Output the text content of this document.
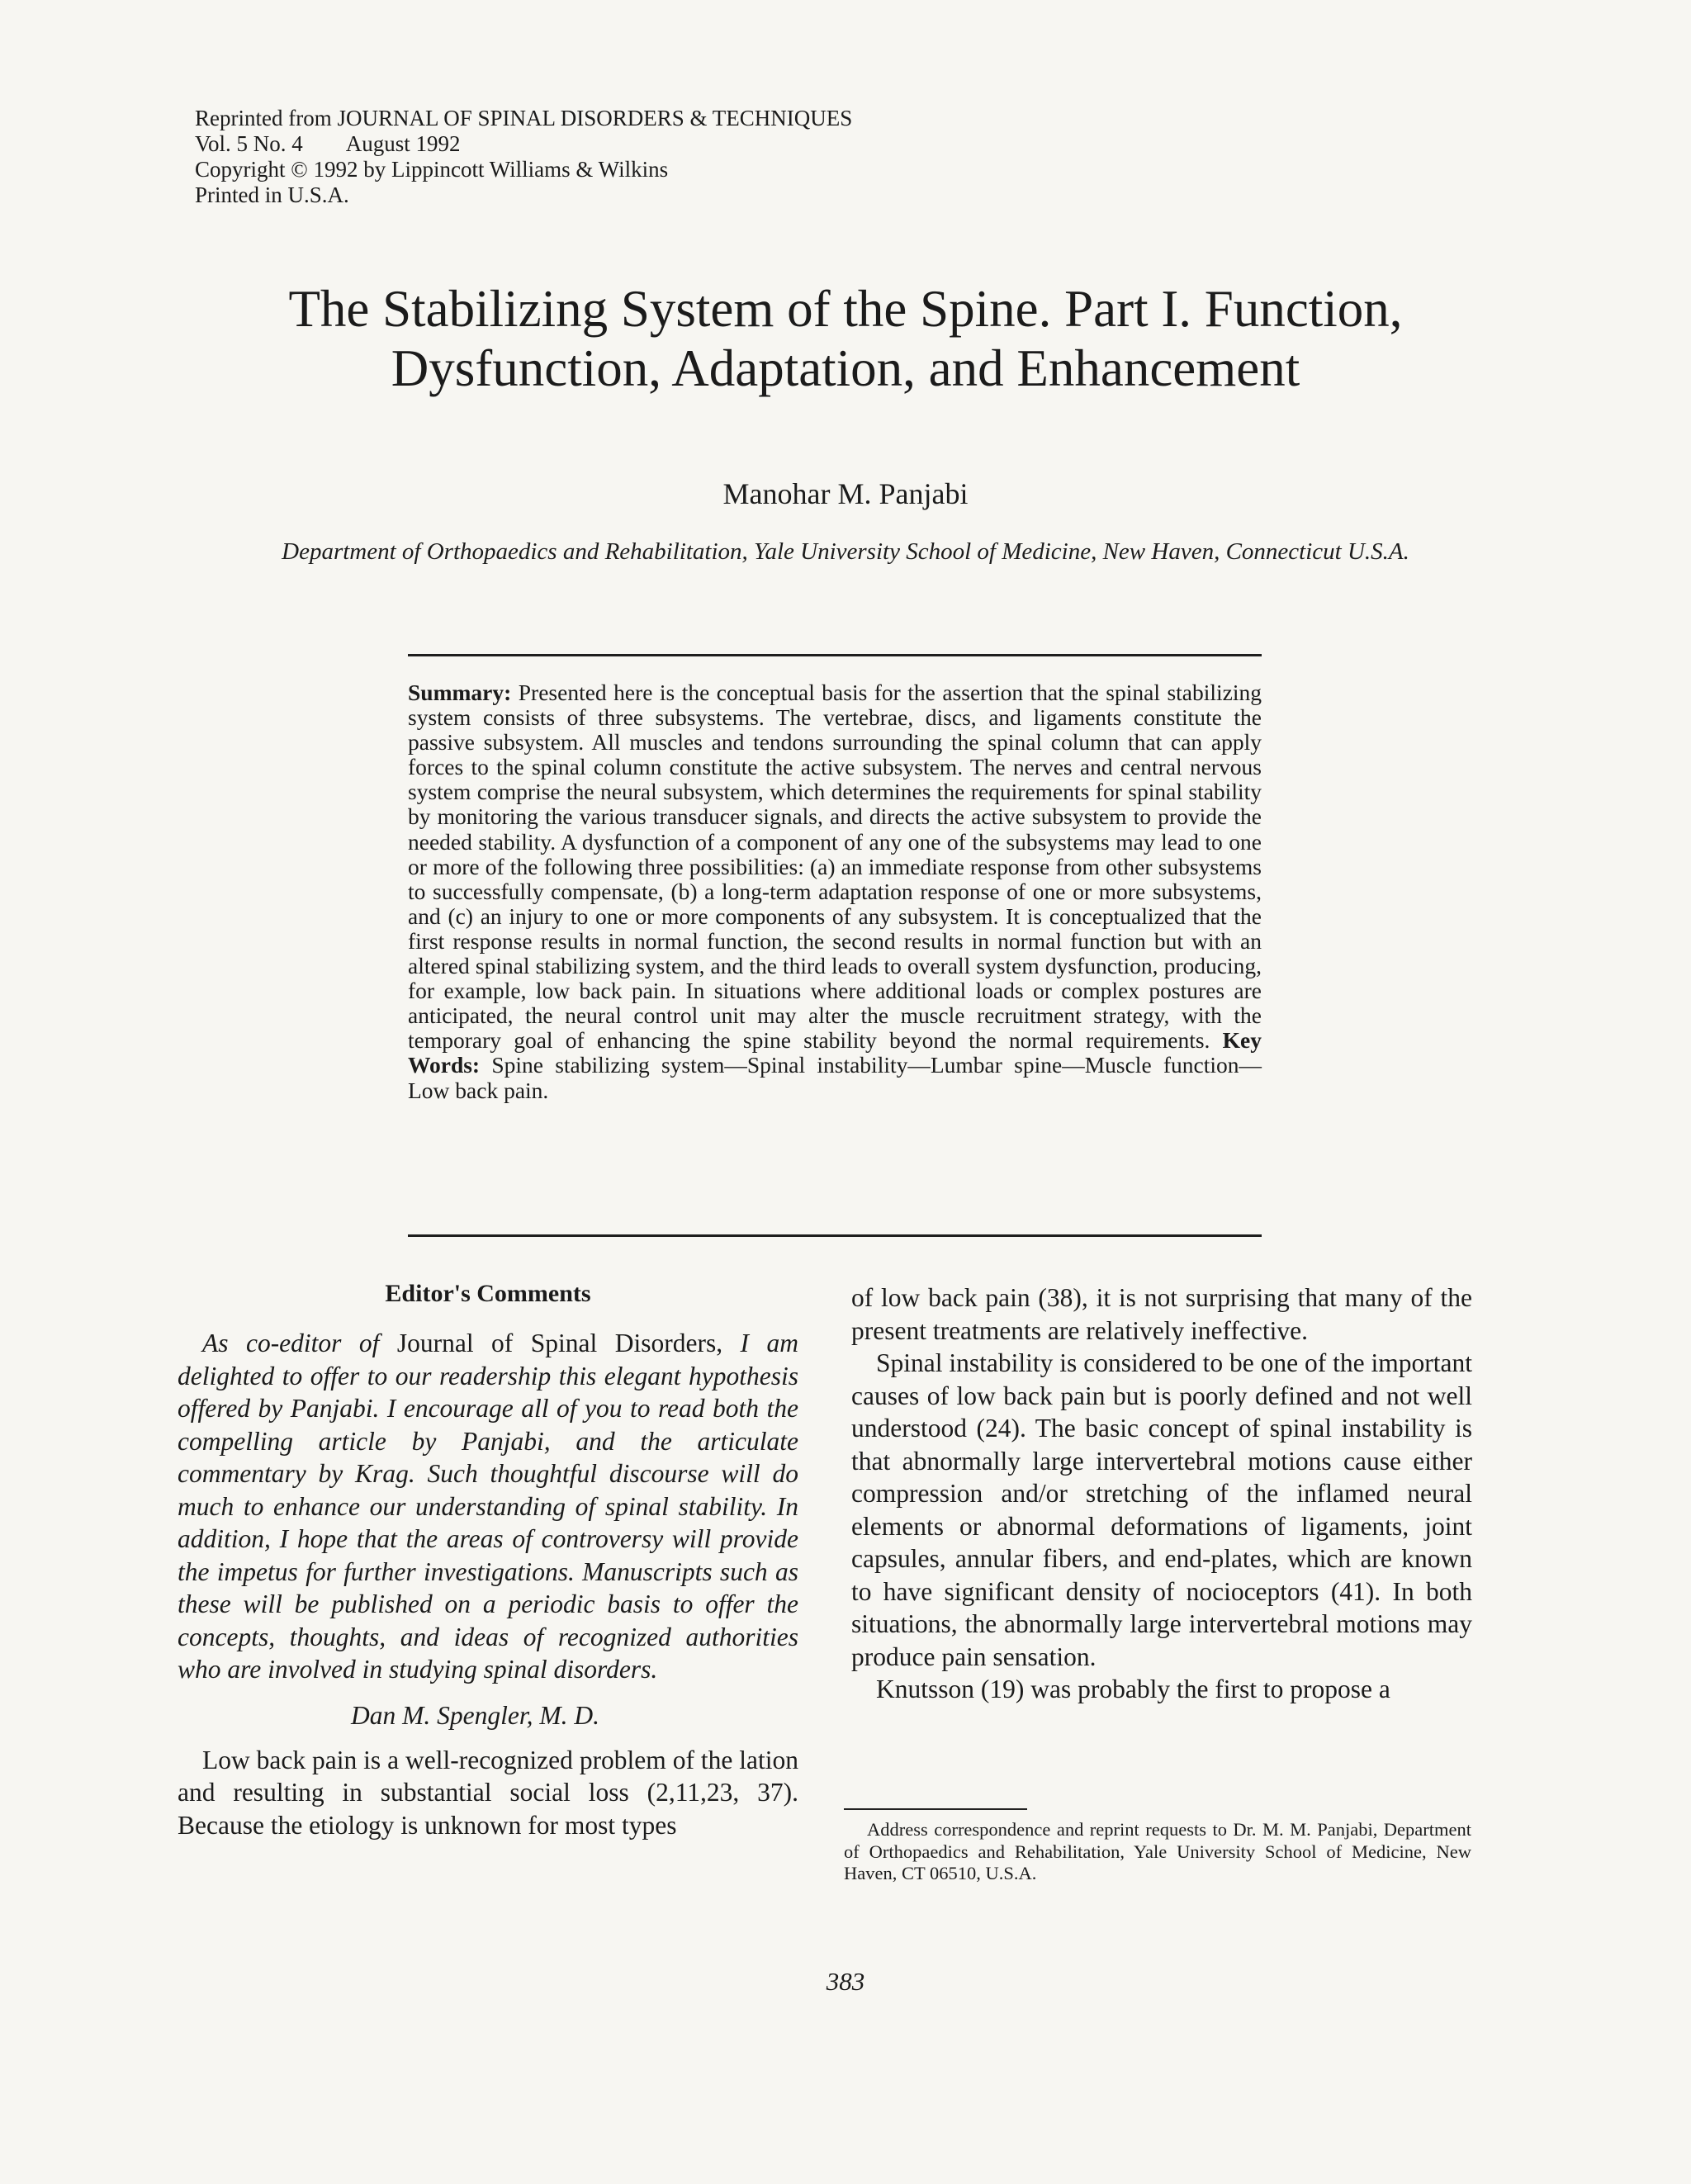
Reprinted from JOURNAL OF SPINAL DISORDERS & TECHNIQUES
Vol. 5 No. 4 August 1992
Copyright © 1992 by Lippincott Williams & Wilkins
Printed in U.S.A.
The Stabilizing System of the Spine. Part I. Function,
Dysfunction, Adaptation, and Enhancement
Manohar M. Panjabi
Department of Orthopaedics and Rehabilitation, Yale University School of Medicine, New Haven, Connecticut U.S.A.

Summary: Presented here is the conceptual basis for the assertion that the spinal stabilizing system consists of three subsystems. The vertebrae, discs, and ligaments constitute the passive subsystem. All muscles and tendons surrounding the spinal column that can apply forces to the spinal column constitute the active subsystem. The nerves and central nervous system comprise the neural subsystem, which determines the requirements for spinal stability by monitoring the various transducer signals, and directs the active subsystem to provide the needed stability. A dysfunction of a component of any one of the subsystems may lead to one or more of the following three possibilities: (a) an immediate response from other subsystems to successfully compensate, (b) a long-term adaptation response of one or more subsystems, and (c) an injury to one or more components of any subsystem. It is conceptualized that the first response results in normal function, the second results in normal function but with an altered spinal stabilizing system, and the third leads to overall system dysfunction, producing, for example, low back pain. In situations where additional loads or complex postures are anticipated, the neural control unit may alter the muscle recruitment strategy, with the temporary goal of enhancing the spine stability beyond the normal requirements. Key Words: Spine stabilizing system—Spinal instability—Lumbar spine—Muscle function—Low back pain.

Editor's Comments

As co-editor of Journal of Spinal Disorders, I am delighted to offer to our readership this elegant hypothesis offered by Panjabi. I encourage all of you to read both the compelling article by Panjabi, and the articulate commentary by Krag. Such thoughtful discourse will do much to enhance our understanding of spinal stability. In addition, I hope that the areas of controversy will provide the impetus for further investigations. Manuscripts such as these will be published on a periodic basis to offer the concepts, thoughts, and ideas of recognized authorities who are involved in studying spinal disorders.

Dan M. Spengler, M. D.

Low back pain is a well-recognized problem of the lation and resulting in substantial social loss (2,11,23, 37). Because the etiology is unknown for most types

of low back pain (38), it is not surprising that many of the present treatments are relatively ineffective.

Spinal instability is considered to be one of the important causes of low back pain but is poorly defined and not well understood (24). The basic concept of spinal instability is that abnormally large intervertebral motions cause either compression and/or stretching of the inflamed neural elements or abnormal deformations of ligaments, joint capsules, annular fibers, and end-plates, which are known to have significant density of nocioceptors (41). In both situations, the abnormally large intervertebral motions may produce pain sensation.

Knutsson (19) was probably the first to propose a

Address correspondence and reprint requests to Dr. M. M. Panjabi, Department of Orthopaedics and Rehabilitation, Yale University School of Medicine, New Haven, CT 06510, U.S.A.

383
